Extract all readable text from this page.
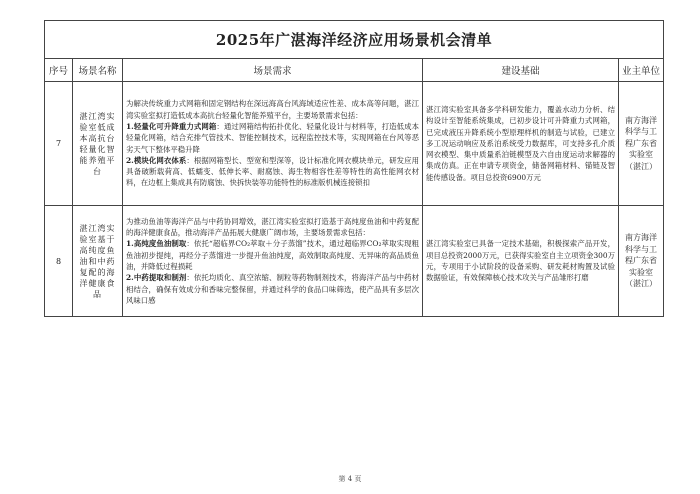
2025年广湛海洋经济应用场景机会清单				
序号	场景名称	场景需求	建设基础	业主单位
7	湛江湾实验室低成本高抗台轻量化智能养殖平台	为解决传统重力式网箱和固定钢结构在深远海高台风海域适应性差、成本高等问题，湛江湾实验室拟打造低成本高抗台轻量化智能养殖平台，主要场景需求包括：
1.轻量化可升降重力式网箱：通过网箱结构拓扑优化、轻量化设计与材料等，打造低成本轻量化网箱，结合充排气管技术、智能控制技术，远程监控技术等，实现网箱在台风等恶劣天气下整体平稳升降
2.模块化网衣体系：根据网箱型长、型宽和型深等，设计标准化网衣模块单元，研发应用具备破断载荷高、低蠕变、低伸长率、耐腐蚀、海生物相容性差等特性的高性能网衣材料，在边框上集成具有防腐蚀、快拆快装等功能特性的标准版机械连接锁扣	湛江湾实验室具备多学科研发能力，覆盖水动力分析、结构设计至智能系统集成，已初步设计可升降重力式网箱，已完成液压升降系统小型原理样机的制造与试验，已建立多工况运动响应及系泊系统受力数据库，可支持多孔介质网衣模型、集中质量系泊链模型及六自由度运动求解器的集成仿真。正在申请专项资金，储备网箱材料、锚链及智能传感设备。项目总投资6900万元	南方海洋科学与工程广东省实验室（湛江）
8	湛江湾实验室基于高纯度鱼油和中药复配的海洋健康食品	为推动鱼油等海洋产品与中药协同增效，湛江湾实验室拟打造基于高纯度鱼油和中药复配的海洋健康食品，推动海洋产品拓展大健康广阔市场，主要场景需求包括：
1.高纯度鱼油制取：依托“超临界CO₂萃取＋分子蒸馏”技术，通过超临界CO₂萃取实现粗鱼油初步提纯，再经分子蒸馏进一步提升鱼油纯度，高效制取高纯度、无异味的高品质鱼油，并降低过程损耗
2.中药提取和制剂：依托均质化、真空浓缩、制粒等药物制剂技术，将海洋产品与中药材相结合，确保有效成分和香味完整保留，并通过科学的食品口味筛选，使产品具有多层次风味口感	湛江湾实验室已具备一定技术基础，积极探索产品开发，项目总投资2000万元，已获得实验室自主立项资金300万元，专项用于小试阶段的设备采购、研发耗材购置及试验数据验证，有效保障核心技术攻关与产品雏形打磨	南方海洋科学与工程广东省实验室（湛江）
第 4 页
